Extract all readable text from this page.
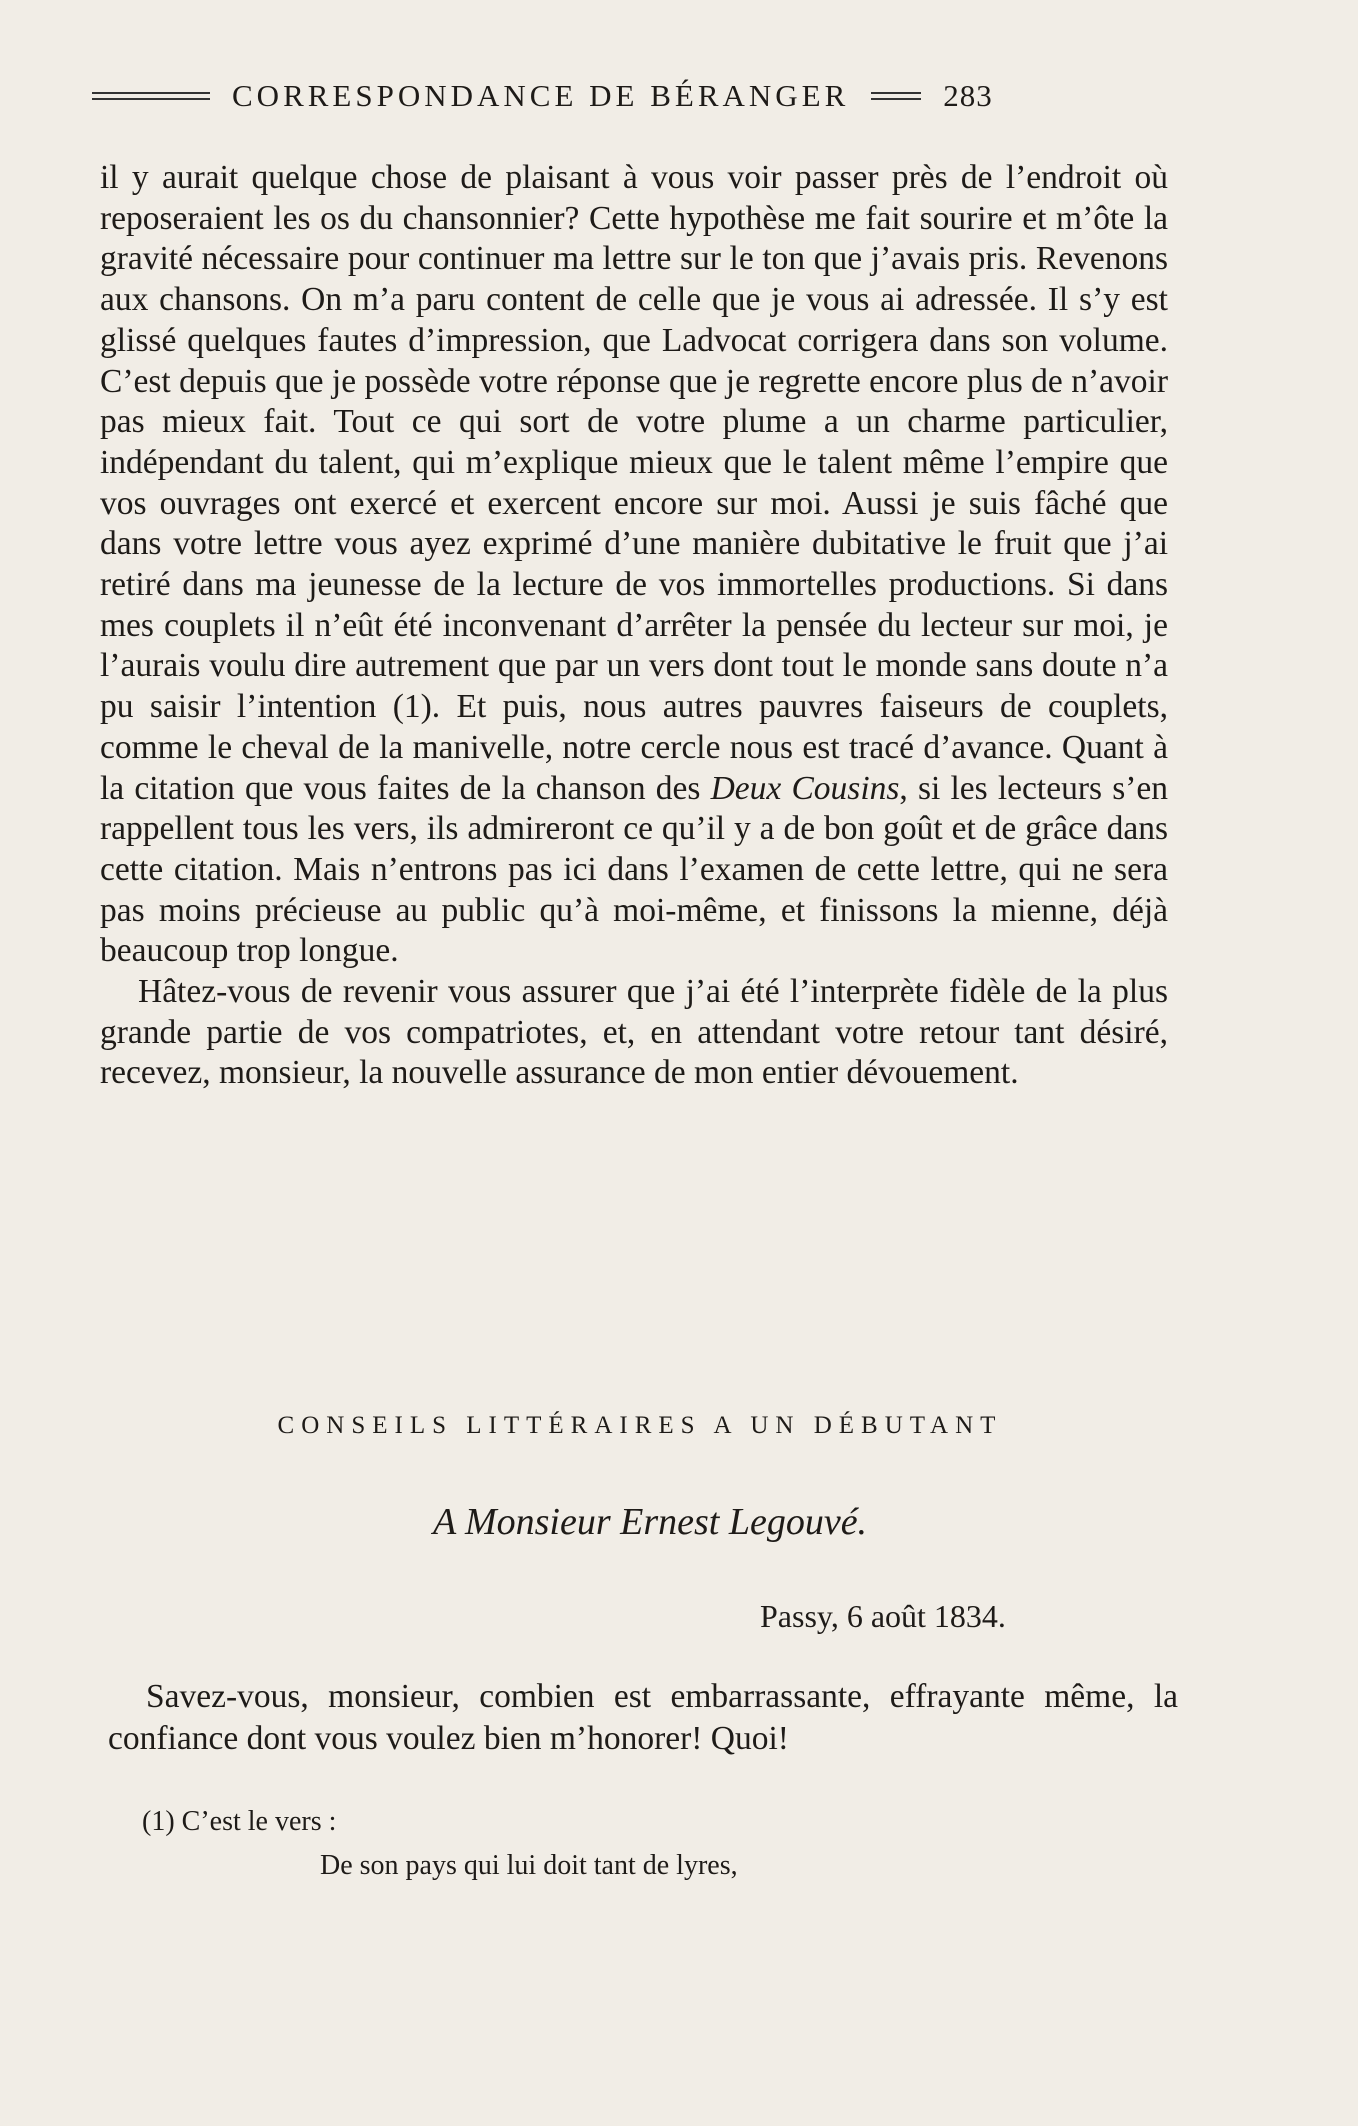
CORRESPONDANCE DE BÉRANGER	283

il y aurait quelque chose de plaisant à vous voir passer près de l’endroit où reposeraient les os du chansonnier? Cette hypothèse me fait sourire et m’ôte la gravité nécessaire pour continuer ma lettre sur le ton que j’avais pris. Revenons aux chansons. On m’a paru content de celle que je vous ai adressée. Il s’y est glissé quelques fautes d’impression, que Ladvocat corrigera dans son volume. C’est depuis que je possède votre réponse que je regrette encore plus de n’avoir pas mieux fait. Tout ce qui sort de votre plume a un charme particulier, indépendant du talent, qui m’explique mieux que le talent même l’empire que vos ouvrages ont exercé et exercent encore sur moi. Aussi je suis fâché que dans votre lettre vous ayez exprimé d’une manière dubitative le fruit que j’ai retiré dans ma jeunesse de la lecture de vos immortelles productions. Si dans mes couplets il n’eût été inconvenant d’arrêter la pensée du lecteur sur moi, je l’aurais voulu dire autrement que par un vers dont tout le monde sans doute n’a pu saisir l’intention (1). Et puis, nous autres pauvres faiseurs de couplets, comme le cheval de la manivelle, notre cercle nous est tracé d’avance. Quant à la citation que vous faites de la chanson des Deux Cousins, si les lecteurs s’en rappellent tous les vers, ils admireront ce qu’il y a de bon goût et de grâce dans cette citation. Mais n’entrons pas ici dans l’examen de cette lettre, qui ne sera pas moins précieuse au public qu’à moi-même, et finissons la mienne, déjà beaucoup trop longue.

Hâtez-vous de revenir vous assurer que j’ai été l’interprète fidèle de la plus grande partie de vos compatriotes, et, en attendant votre retour tant désiré, recevez, monsieur, la nouvelle assurance de mon entier dévouement.

CONSEILS LITTÉRAIRES A UN DÉBUTANT
A Monsieur Ernest Legouvé.
Passy, 6 août 1834.

Savez-vous, monsieur, combien est embarrassante, effrayante même, la confiance dont vous voulez bien m’honorer! Quoi!

(1) C’est le vers :
De son pays qui lui doit tant de lyres,
